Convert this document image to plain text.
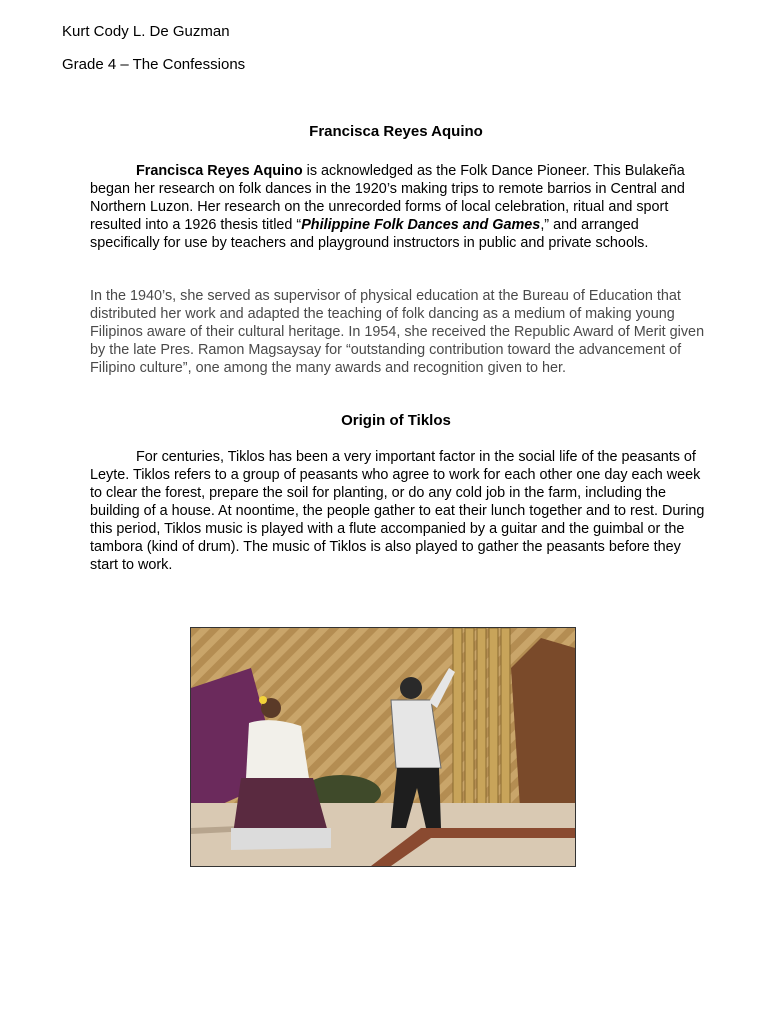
Kurt Cody L. De Guzman
Grade 4 – The Confessions
Francisca Reyes Aquino
Francisca Reyes Aquino is acknowledged as the Folk Dance Pioneer. This Bulakeña began her research on folk dances in the 1920’s making trips to remote barrios in Central and Northern Luzon. Her research on the unrecorded forms of local celebration, ritual and sport resulted into a 1926 thesis titled “Philippine Folk Dances and Games,” and arranged specifically for use by teachers and playground instructors in public and private schools.
In the 1940’s, she served as supervisor of physical education at the Bureau of Education that distributed her work and adapted the teaching of folk dancing as a medium of making young Filipinos aware of their cultural heritage. In 1954, she received the Republic Award of Merit given by the late Pres. Ramon Magsaysay for “outstanding contribution toward the advancement of Filipino culture”, one among the many awards and recognition given to her.
Origin of Tiklos
For centuries, Tiklos has been a very important factor in the social life of the peasants of Leyte. Tiklos refers to a group of peasants who agree to work for each other one day each week to clear the forest, prepare the soil for planting, or do any cold job in the farm, including the building of a house. At noontime, the people gather to eat their lunch together and to rest. During this period, Tiklos music is played with a flute accompanied by a guitar and the guimbal or the tambora (kind of drum). The music of Tiklos is also played to gather the peasants before they start to work.
